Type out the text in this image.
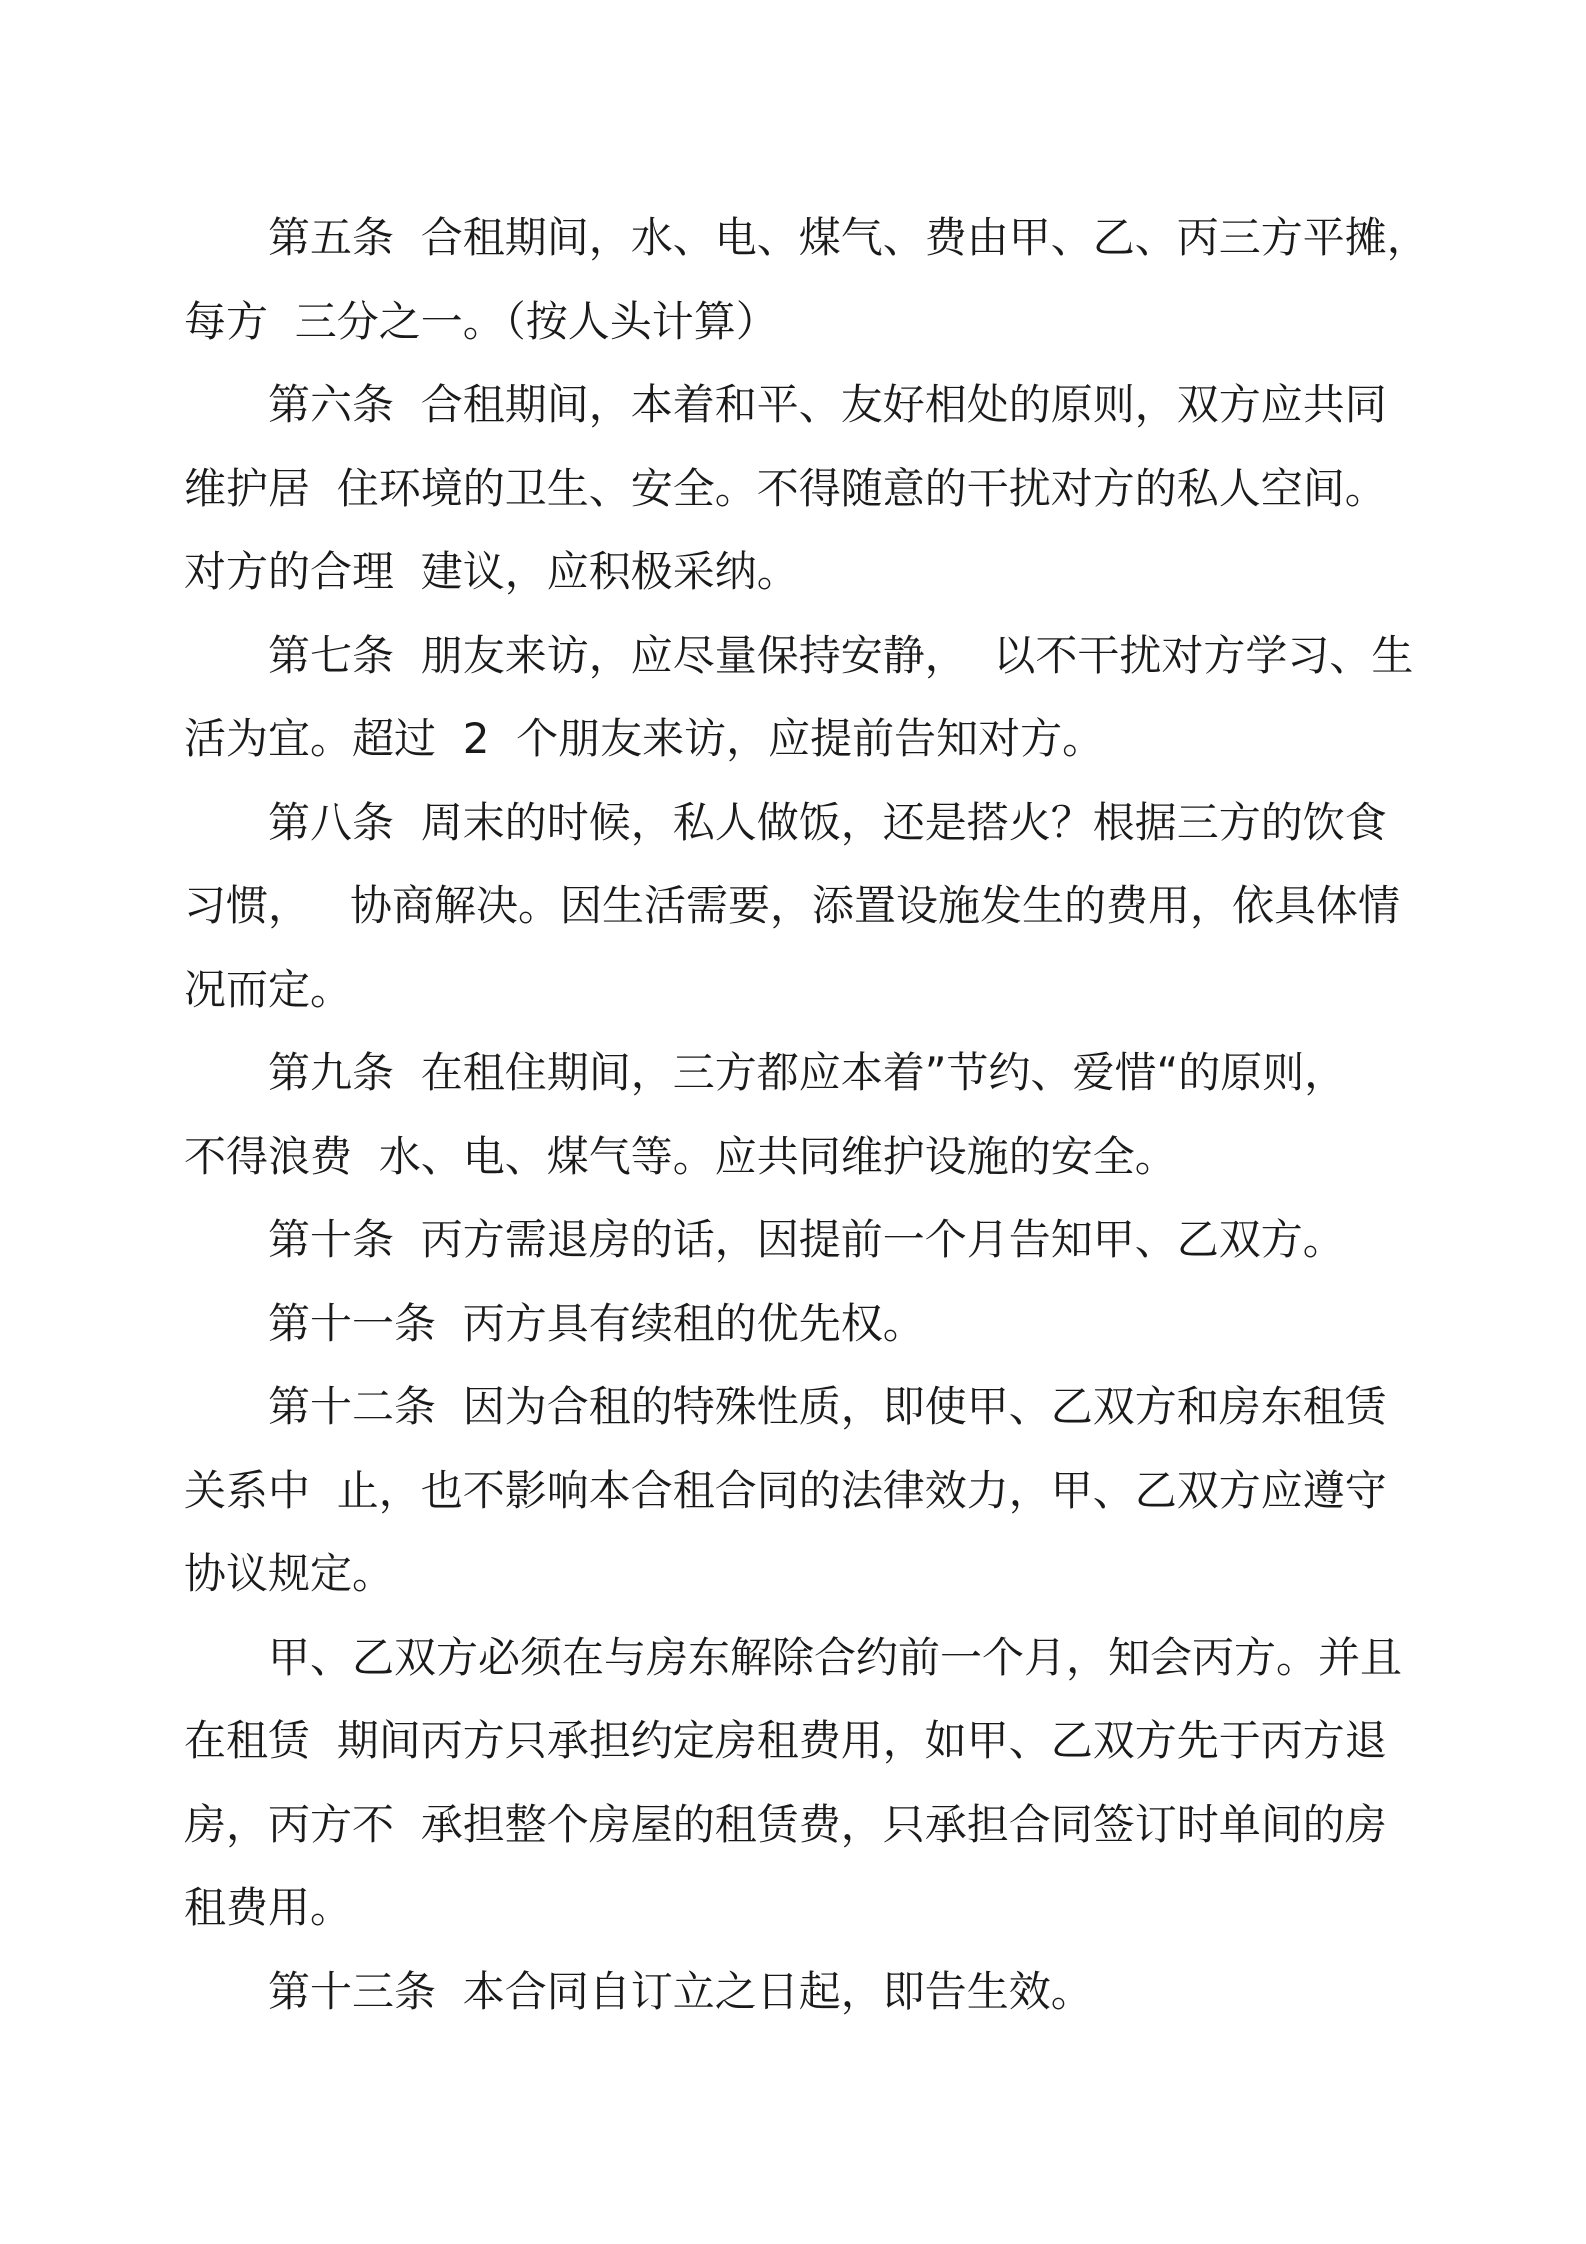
第五条  合租期间，水、电、煤气、费由甲、乙、丙三方平摊，
每方  三分之一。（按人头计算）

第六条  合租期间，本着和平、友好相处的原则，双方应共同
维护居  住环境的卫生、安全。不得随意的干扰对方的私人空间。
对方的合理  建议，应积极采纳。

第七条  朋友来访，应尽量保持安静，  以不干扰对方学习、生
活为宜。超过  2  个朋友来访，应提前告知对方。

第八条  周末的时候，私人做饭，还是搭火？根据三方的饮食
习惯，   协商解决。因生活需要，添置设施发生的费用，依具体情
况而定。

第九条  在租住期间，三方都应本着”节约、爱惜“的原则，
不得浪费  水、电、煤气等。应共同维护设施的安全。

第十条  丙方需退房的话，因提前一个月告知甲、乙双方。

第十一条  丙方具有续租的优先权。

第十二条  因为合租的特殊性质，即使甲、乙双方和房东租赁
关系中  止，也不影响本合租合同的法律效力，甲、乙双方应遵守
协议规定。

甲、乙双方必须在与房东解除合约前一个月，知会丙方。并且
在租赁  期间丙方只承担约定房租费用，如甲、乙双方先于丙方退
房，丙方不  承担整个房屋的租赁费，只承担合同签订时单间的房
租费用。

第十三条  本合同自订立之日起，即告生效。
